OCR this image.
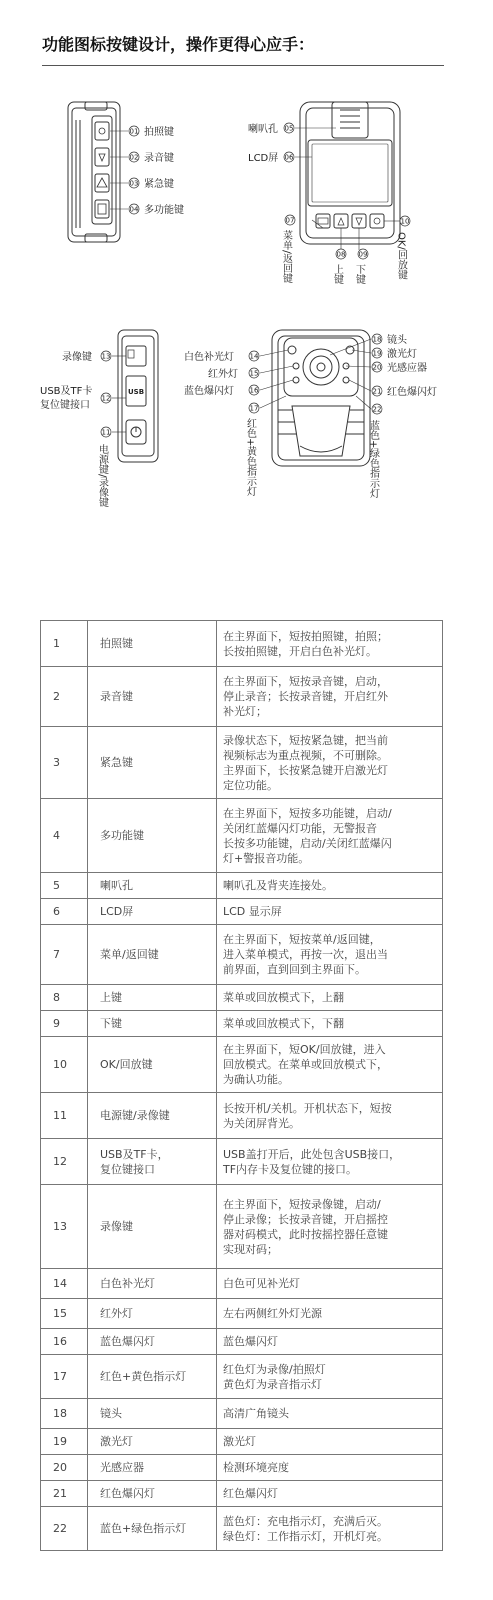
功能图标按键设计，操作更得心应手：
01 拍照键
02 录音键
03 紧急键
04 多功能键
05
喇叭孔
06
LCD屏
07
菜单/返回键	08
上键
09
下键
10
OK/回放键
USB
13
录像键
12
USB及TF卡
复位键接口
11
电源键/录像键
14
白色补光灯
15
红外灯
16
蓝色爆闪灯
17
红色+黄色指示灯
18 镜头
19 激光灯
20 光感应器
21 红色爆闪灯
22
蓝色+绿色指示灯
1	拍照键	在主界面下，短按拍照键，拍照；
长按拍照键，开启白色补光灯。

2	录音键	在主界面下，短按录音键，启动，
停止录音；长按录音键，开启红外
补光灯；

3	紧急键	录像状态下，短按紧急键，把当前
视频标志为重点视频，不可删除。
主界面下，长按紧急键开启激光灯
定位功能。

4	多功能键	在主界面下，短按多功能键，启动/
关闭红蓝爆闪灯功能，无警报音
长按多功能键，启动/关闭红蓝爆闪
灯+警报音功能。

5	喇叭孔	喇叭孔及背夹连接处。

6	LCD屏	LCD 显示屏

7	菜单/返回键	在主界面下，短按菜单/返回键，
进入菜单模式，再按一次，退出当
前界面，直到回到主界面下。

8	上键	菜单或回放模式下，上翻

9	下键	菜单或回放模式下，下翻

10	OK/回放键	在主界面下，短OK/回放键，进入
回放模式。在菜单或回放模式下，
为确认功能。

11	电源键/录像键	长按开机/关机。开机状态下，短按
为关闭屏背光。

12	USB及TF卡，
复位键接口	USB盖打开后，此处包含USB接口，
TF内存卡及复位键的接口。

13	录像键	在主界面下，短按录像键，启动/
停止录像；长按录音键，开启摇控
器对码模式，此时按摇控器任意键
实现对码；

14	白色补光灯	白色可见补光灯

15	红外灯	左右两侧红外灯光源

16	蓝色爆闪灯	蓝色爆闪灯

17	红色+黄色指示灯	红色灯为录像/拍照灯
黄色灯为录音指示灯

18	镜头	高清广角镜头

19	激光灯	激光灯

20	光感应器	检测环境亮度

21	红色爆闪灯	红色爆闪灯

22	蓝色+绿色指示灯	蓝色灯：充电指示灯，充满后灭。
绿色灯：工作指示灯，开机灯亮。
